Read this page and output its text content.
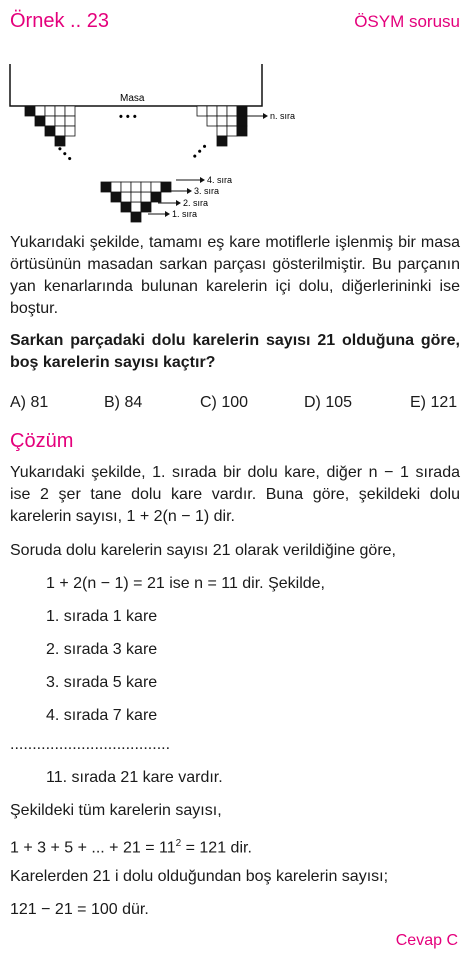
Örnek .. 23	ÖSYM sorusu
Masa
• • •
• • •	• • •
n. sıra
4. sıra
3. sıra
2. sıra
1. sıra
Yukarıdaki şekilde, tamamı eş kare motiflerle işlenmiş bir masa örtüsünün masadan sarkan parçası gösterilmiştir. Bu parçanın yan kenarlarında bulunan karelerin içi dolu, diğerlerininki ise boştur.
Sarkan parçadaki dolu karelerin sayısı 21 olduğuna göre, boş karelerin sayısı kaçtır?
A) 81	B) 84	C) 100	D) 105	E) 121
Çözüm
Yukarıdaki şekilde, 1. sırada bir dolu kare, diğer n − 1 sırada ise 2 şer tane dolu kare vardır. Buna göre, şekildeki dolu karelerin sayısı, 1 + 2(n − 1) dir.
Soruda dolu karelerin sayısı 21 olarak verildiğine göre,
1 + 2(n − 1) = 21 ise n = 11 dir. Şekilde,
1. sırada 1 kare
2. sırada 3 kare
3. sırada 5 kare
4. sırada 7 kare
....................................
11. sırada 21 kare vardır.
Şekildeki tüm karelerin sayısı,
1 + 3 + 5 + ... + $21 = 11^2 = 121$ dir.
Karelerden 21 i dolu olduğundan boş karelerin sayısı;
121 − 21 = 100 dür.
Cevap C
